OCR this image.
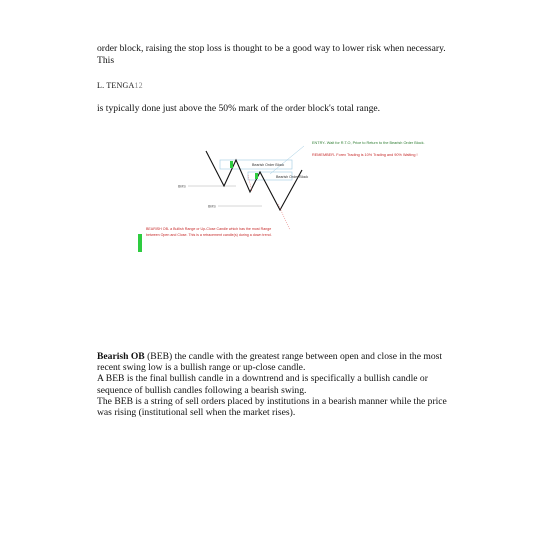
order block, raising the stop loss is thought to be a good way to lower risk when necessary. This
L. TENGA12
is typically done just above the 50% mark of the order block's total range.
ENTRY- Wait for R.T.O, Price to Return to the Bearish Order Block.
REMEMBER- Forex Trading is 10% Trading and 90% Waiting !
Bearish Order Block
Bearish Order Block
BMS
BMS
BEARISH OB- a Bullish Range or Up-Close Candle which has the most Range
between Open and Close. This is a retracement candle(s) during a down trend.
Bearish OB (BEB) the candle with the greatest range between open and close in the most recent swing low is a bullish range or up-close candle.
A BEB is the final bullish candle in a downtrend and is specifically a bullish candle or sequence of bullish candles following a bearish swing.
The BEB is a string of sell orders placed by institutions in a bearish manner while the price was rising (institutional sell when the market rises).
